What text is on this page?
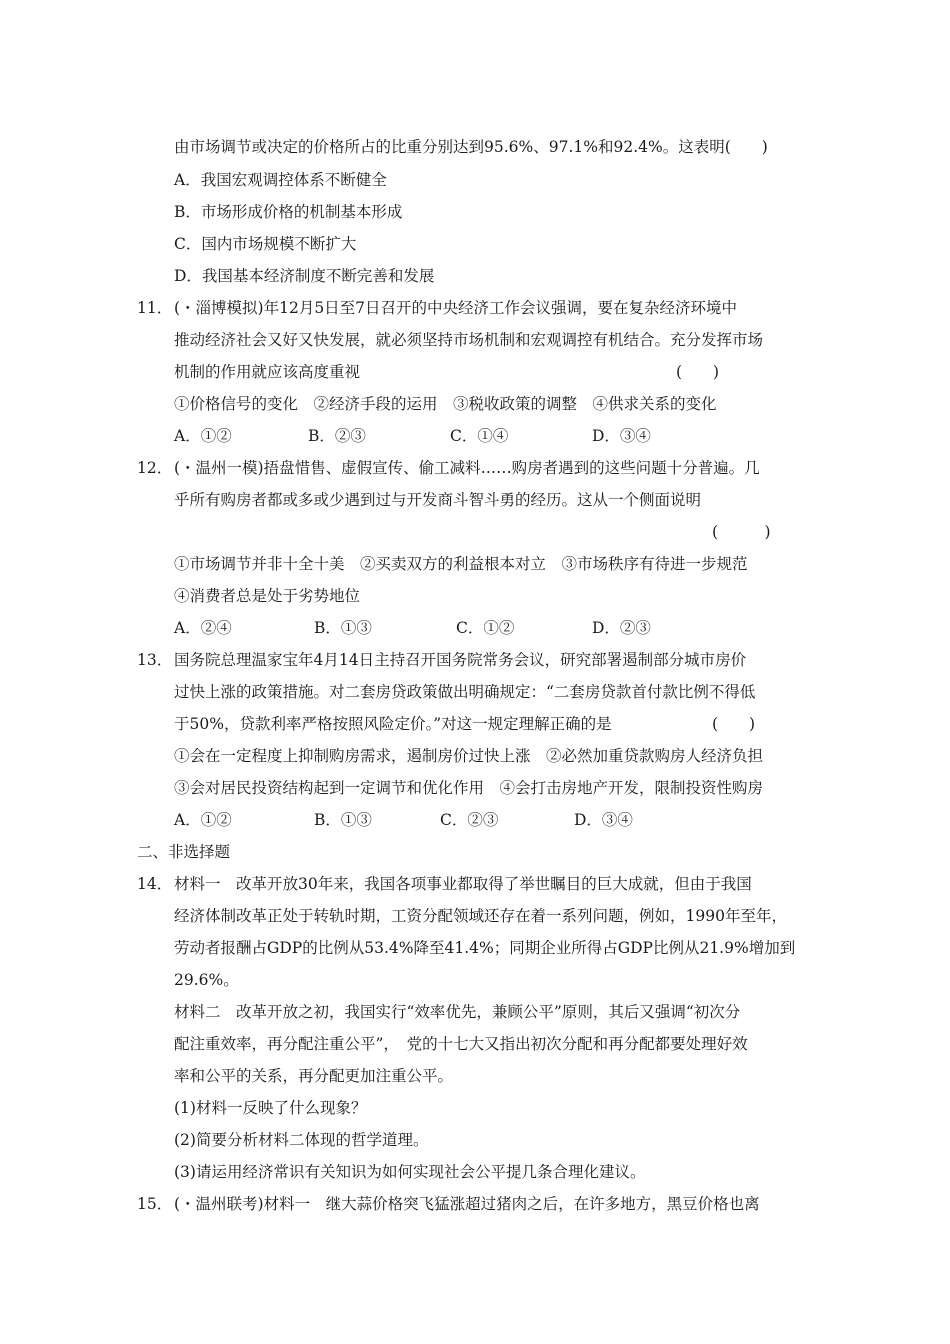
由市场调节或决定的价格所占的比重分别达到95.6%、97.1%和92.4%。这表明(　　)
A．我国宏观调控体系不断健全
B．市场形成价格的机制基本形成
C．国内市场规模不断扩大
D．我国基本经济制度不断完善和发展
11． (・淄博模拟)年12月5日至7日召开的中央经济工作会议强调，要在复杂经济环境中
推动经济社会又好又快发展，就必须坚持市场机制和宏观调控有机结合。充分发挥市场
机制的作用就应该高度重视	(　　)
①价格信号的变化　②经济手段的运用　③税收政策的调整　④供求关系的变化
A．①②	B．②③	C．①④	D．③④
12． (・温州一模)捂盘惜售、虚假宣传、偷工减料……购房者遇到的这些问题十分普遍。几
乎所有购房者都或多或少遇到过与开发商斗智斗勇的经历。这从一个侧面说明
(　　　)
①市场调节并非十全十美　②买卖双方的利益根本对立　③市场秩序有待进一步规范
④消费者总是处于劣势地位
A．②④	B．①③	C．①②	D．②③
13． 国务院总理温家宝年4月14日主持召开国务院常务会议，研究部署遏制部分城市房价
过快上涨的政策措施。对二套房贷政策做出明确规定：“二套房贷款首付款比例不得低
于50%，贷款利率严格按照风险定价。”对这一规定理解正确的是	(　　)
①会在一定程度上抑制购房需求，遏制房价过快上涨　②必然加重贷款购房人经济负担
③会对居民投资结构起到一定调节和优化作用　④会打击房地产开发，限制投资性购房
A．①②	B．①③	C．②③	D．③④
二、非选择题
14． 材料一　改革开放30年来，我国各项事业都取得了举世瞩目的巨大成就，但由于我国
经济体制改革正处于转轨时期，工资分配领域还存在着一系列问题，例如，1990年至年，
劳动者报酬占GDP的比例从53.4%降至41.4%；同期企业所得占GDP比例从21.9%增加到
29.6%。
材料二　改革开放之初，我国实行“效率优先，兼顾公平”原则，其后又强调“初次分
配注重效率，再分配注重公平”，　党的十七大又指出初次分配和再分配都要处理好效
率和公平的关系，再分配更加注重公平。
(1)材料一反映了什么现象？
(2)简要分析材料二体现的哲学道理。
(3)请运用经济常识有关知识为如何实现社会公平提几条合理化建议。
15． (・温州联考)材料一　继大蒜价格突飞猛涨超过猪肉之后，在许多地方，黑豆价格也离
